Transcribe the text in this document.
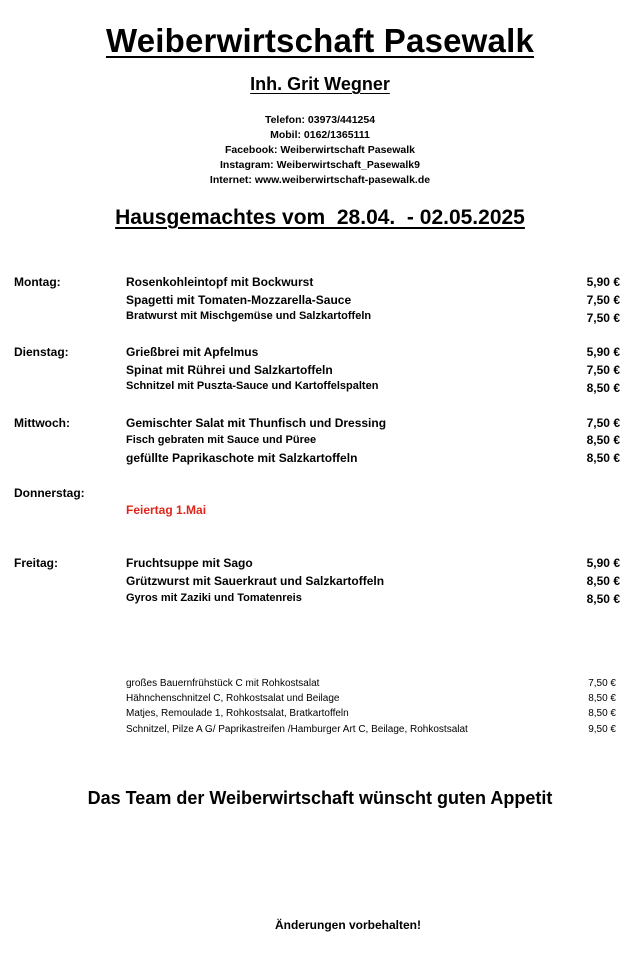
Weiberwirtschaft Pasewalk
Inh. Grit Wegner
Telefon: 03973/441254
Mobil: 0162/1365111
Facebook: Weiberwirtschaft Pasewalk
Instagram: Weiberwirtschaft_Pasewalk9
Internet: www.weiberwirtschaft-pasewalk.de
Hausgemachtes vom  28.04.  - 02.05.2025
Montag:	Rosenkohleintopf mit Bockwurst	5,90 €
Spagetti mit Tomaten-Mozzarella-Sauce	7,50 €
Bratwurst mit Mischgemüse und Salzkartoffeln	7,50 €
Dienstag:	Grießbrei mit Apfelmus	5,90 €
Spinat mit Rührei und Salzkartoffeln	7,50 €
Schnitzel mit Puszta-Sauce und Kartoffelspalten	8,50 €
Mittwoch:	Gemischter Salat mit Thunfisch und Dressing	7,50 €
Fisch gebraten mit Sauce und Püree	8,50 €
gefüllte Paprikaschote mit Salzkartoffeln	8,50 €
Donnerstag:
Feiertag 1.Mai
Freitag:	Fruchtsuppe mit Sago	5,90 €
Grützwurst mit Sauerkraut und Salzkartoffeln	8,50 €
Gyros mit Zaziki und Tomatenreis	8,50 €
großes Bauernfrühstück C mit Rohkostsalat	7,50 €
Hähnchenschnitzel C, Rohkostsalat und Beilage	8,50 €
Matjes, Remoulade 1, Rohkostsalat, Bratkartoffeln	8,50 €
Schnitzel, Pilze A G/ Paprikastreifen /Hamburger Art C, Beilage, Rohkostsalat	9,50 €
Das Team der Weiberwirtschaft wünscht guten Appetit
Änderungen vorbehalten!
